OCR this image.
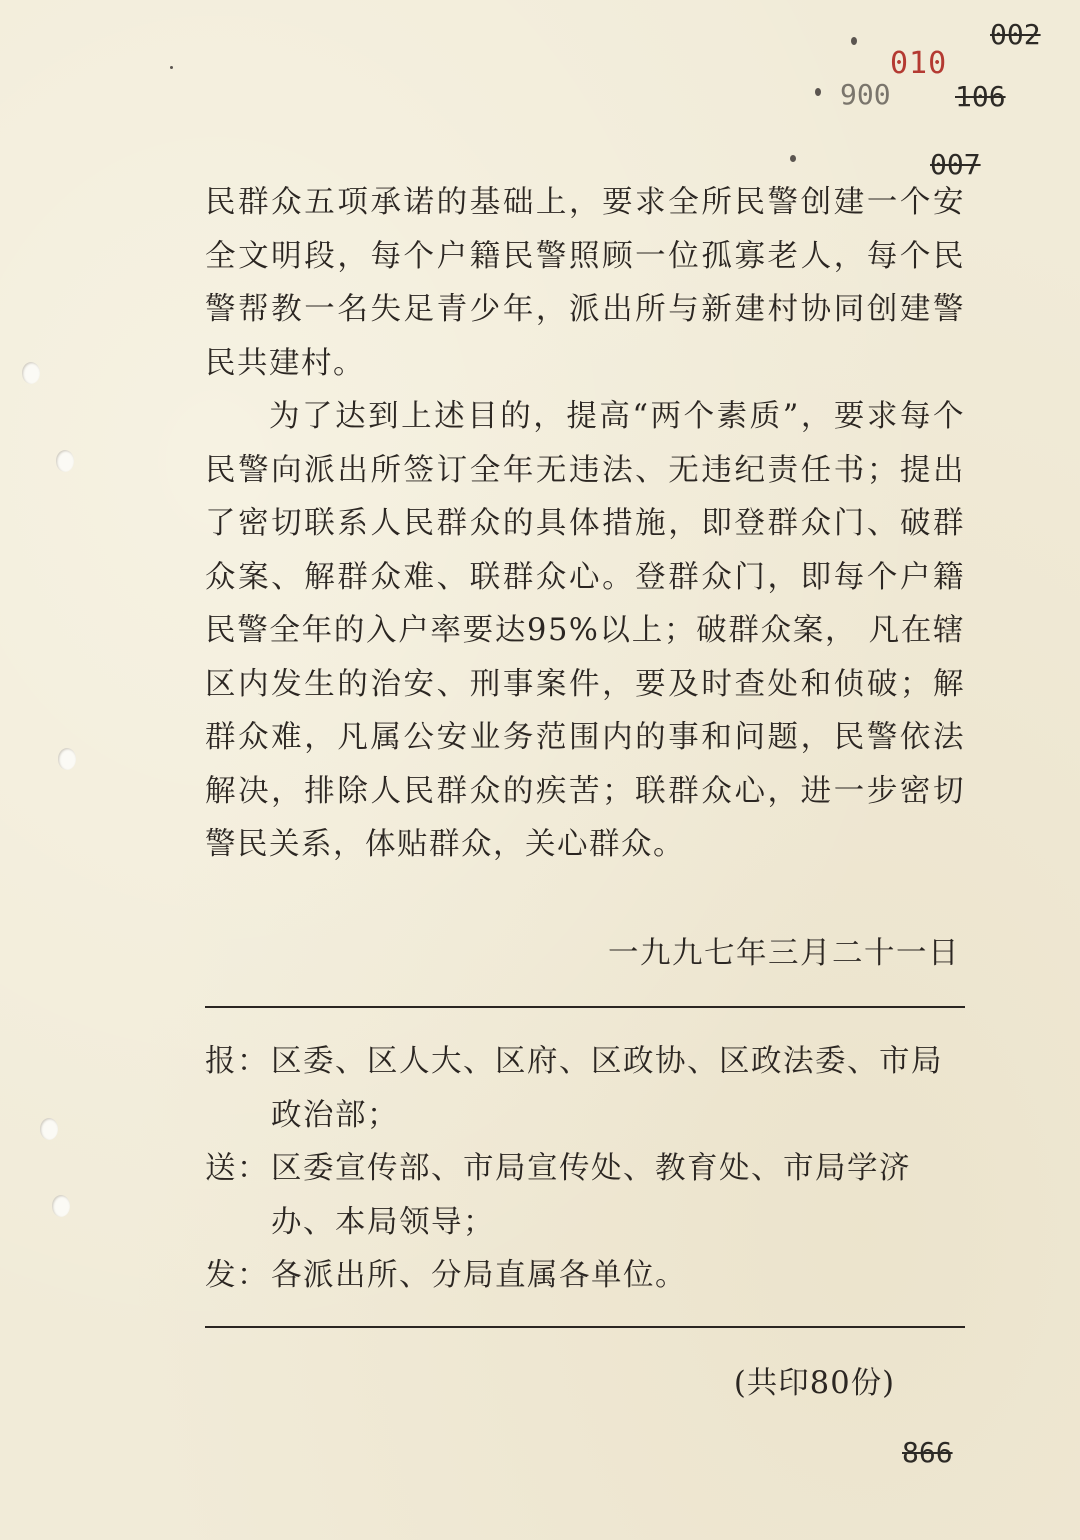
002
010
900 106
007

民群众五项承诺的基础上，要求全所民警创建一个安全文明段，每个户籍民警照顾一位孤寡老人，每个民警帮教一名失足青少年，派出所与新建村协同创建警民共建村。

为了达到上述目的，提高“两个素质”，要求每个民警向派出所签订全年无违法、无违纪责任书；提出了密切联系人民群众的具体措施，即登群众门、破群众案、解群众难、联群众心。登群众门，即每个户籍民警全年的入户率要达95%以上；破群众案， 凡在辖区内发生的治安、刑事案件，要及时查处和侦破；解群众难，凡属公安业务范围内的事和问题，民警依法解决，排除人民群众的疾苦；联群众心，进一步密切警民关系，体贴群众，关心群众。

一九九七年三月二十一日
报： 区委、区人大、区府、区政协、区政法委、市局政治部；
送： 区委宣传部、市局宣传处、教育处、市局学济办、本局领导；
发： 各派出所、分局直属各单位。
(共印80份)
866
